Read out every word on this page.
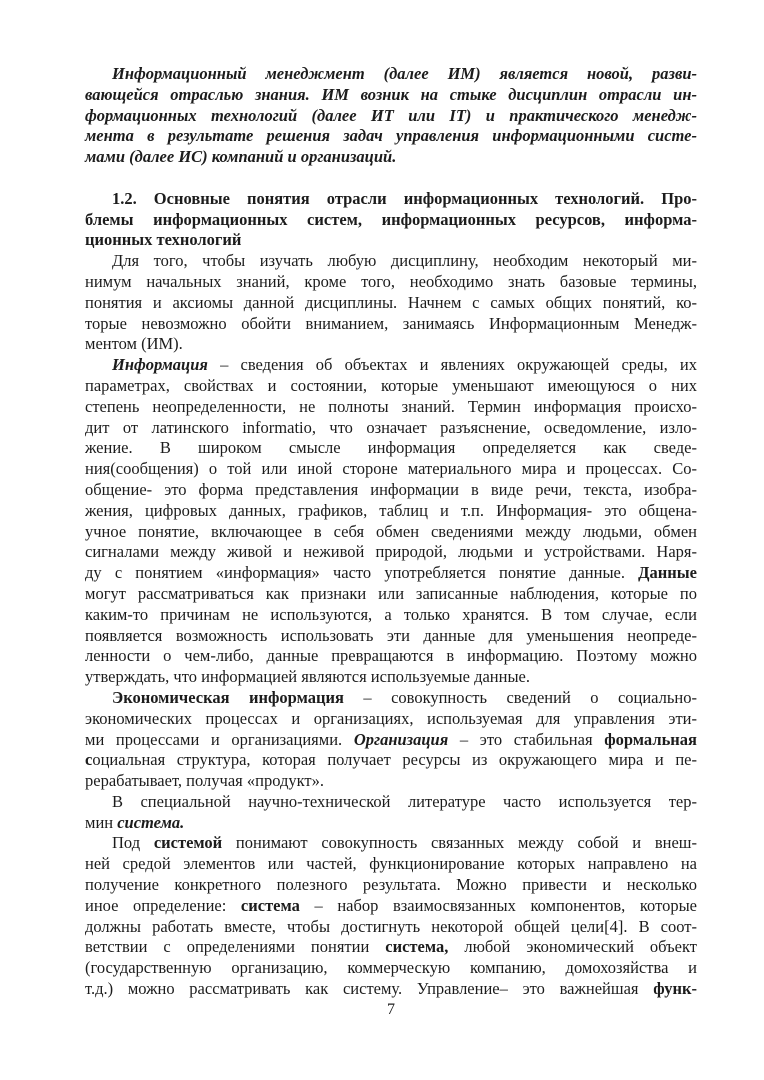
Информационный менеджмент (далее ИМ) является новой, разви-
вающейся отраслью знания. ИМ возник на стыке дисциплин отрасли ин-
формационных технологий (далее ИТ или IT) и практического менедж-
мента в результате решения задач управления информационными систе-
мами (далее ИС) компаний и организаций.
1.2. Основные понятия отрасли информационных технологий. Про-
блемы информационных систем, информационных ресурсов, информа-
ционных технологий
Для того, чтобы изучать любую дисциплину, необходим некоторый ми-
нимум начальных знаний, кроме того, необходимо знать базовые термины,
понятия и аксиомы данной дисциплины. Начнем с самых общих понятий, ко-
торые невозможно обойти вниманием, занимаясь Информационным Менедж-
ментом (ИМ).
Информация – сведения об объектах и явлениях окружающей среды, их
параметрах, свойствах и состоянии, которые уменьшают имеющуюся о них
степень неопределенности, не полноты знаний. Термин информация происхо-
дит от латинского informatio, что означает разъяснение, осведомление, изло-
жение. В широком смысле информация определяется как сведе-
ния(сообщения) о той или иной стороне материального мира и процессах. Со-
общение- это форма представления информации в виде речи, текста, изобра-
жения, цифровых данных, графиков, таблиц и т.п. Информация- это общена-
учное понятие, включающее в себя обмен сведениями между людьми, обмен
сигналами между живой и неживой природой, людьми и устройствами. Наря-
ду с понятием «информация» часто употребляется понятие данные. Данные
могут рассматриваться как признаки или записанные наблюдения, которые по
каким-то причинам не используются, а только хранятся. В том случае, если
появляется возможность использовать эти данные для уменьшения неопреде-
ленности о чем-либо, данные превращаются в информацию. Поэтому можно
утверждать, что информацией являются используемые данные.
Экономическая информация – совокупность сведений о социально-
экономических процессах и организациях, используемая для управления эти-
ми процессами и организациями. Организация – это стабильная формальная
социальная структура, которая получает ресурсы из окружающего мира и пе-
рерабатывает, получая «продукт».
В специальной научно-технической литературе часто используется тер-
мин система.
Под системой понимают совокупность связанных между собой и внеш-
ней средой элементов или частей, функционирование которых направлено на
получение конкретного полезного результата. Можно привести и несколько
иное определение: система – набор взаимосвязанных компонентов, которые
должны работать вместе, чтобы достигнуть некоторой общей цели[4]. В соот-
ветствии с определениями понятии система, любой экономический объект
(государственную организацию, коммерческую компанию, домохозяйства и
т.д.) можно рассматривать как систему. Управление– это важнейшая функ-
7
